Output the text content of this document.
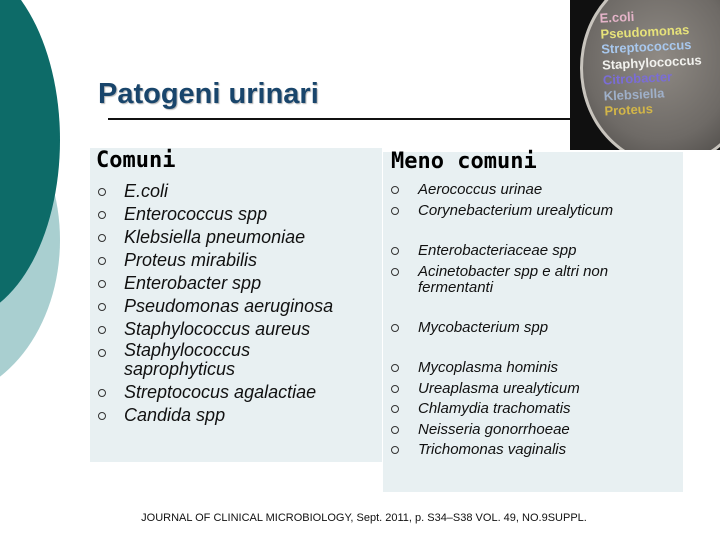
Patogeni urinari
E.coli
Pseudomonas
Streptococcus
Staphylococcus
Citrobacter
Klebsiella
Proteus
Comuni	Meno comuni
E.coli
Enterococcus spp
Klebsiella pneumoniae
Proteus mirabilis
Enterobacter spp
Pseudomonas aeruginosa
Staphylococcus aureus
Staphylococcus saprophyticus
Streptococus agalactiae
Candida spp
Aerococcus urinae
Corynebacterium urealyticum
Enterobacteriaceae spp
Acinetobacter spp e altri non fermentanti
Mycobacterium spp
Mycoplasma hominis
Ureaplasma urealyticum
Chlamydia trachomatis
Neisseria gonorrhoeae
Trichomonas vaginalis

JOURNAL OF CLINICAL MICROBIOLOGY, Sept. 2011, p. S34–S38 VOL. 49, NO.9SUPPL.
